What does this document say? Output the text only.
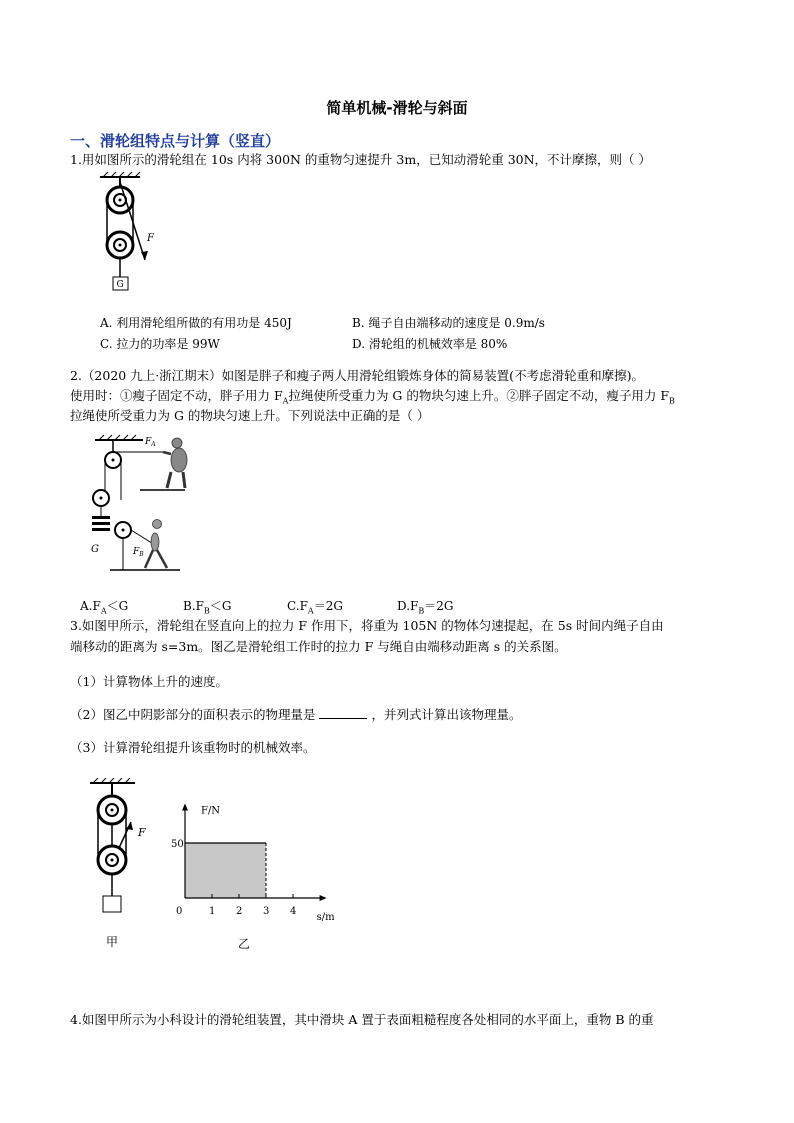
简单机械-滑轮与斜面
一、滑轮组特点与计算（竖直）
1.用如图所示的滑轮组在 10s 内将 300N 的重物匀速提升 3m，已知动滑轮重 30N，不计摩擦，则（ ）
F
G
A. 利用滑轮组所做的有用功是 450J	B. 绳子自由端移动的速度是 0.9m/s
C. 拉力的功率是 99W	D. 滑轮组的机械效率是 80%
2.（2020 九上·浙江期末）如图是胖子和瘦子两人用滑轮组锻炼身体的简易装置(不考虑滑轮重和摩擦)。
使用时：①瘦子固定不动，胖子用力 $F_A$拉绳使所受重力为 G 的物块匀速上升。②胖子固定不动，瘦子用力 $F_B$
拉绳使所受重力为 G 的物块匀速上升。下列说法中正确的是（ ）
G
$F_A$
$F_B$
$A.F_A<G$	$B.F_B<G$	$C.F_A=2G$	$D.F_B=2G$
3.如图甲所示，滑轮组在竖直向上的拉力 F 作用下，将重为 105N 的物体匀速提起，在 5s 时间内绳子自由
端移动的距离为 s=3m。图乙是滑轮组工作时的拉力 F 与绳自由端移动距离 s 的关系图。
（1）计算物体上升的速度。
（2）图乙中阴影部分的面积表示的物理量是	，并列式计算出该物理量。
（3）计算滑轮组提升该重物时的机械效率。
F
甲
0	1 2 3 4
50
s/m
F/N
乙
4.如图甲所示为小科设计的滑轮组装置，其中滑块 A 置于表面粗糙程度各处相同的水平面上，重物 B 的重
